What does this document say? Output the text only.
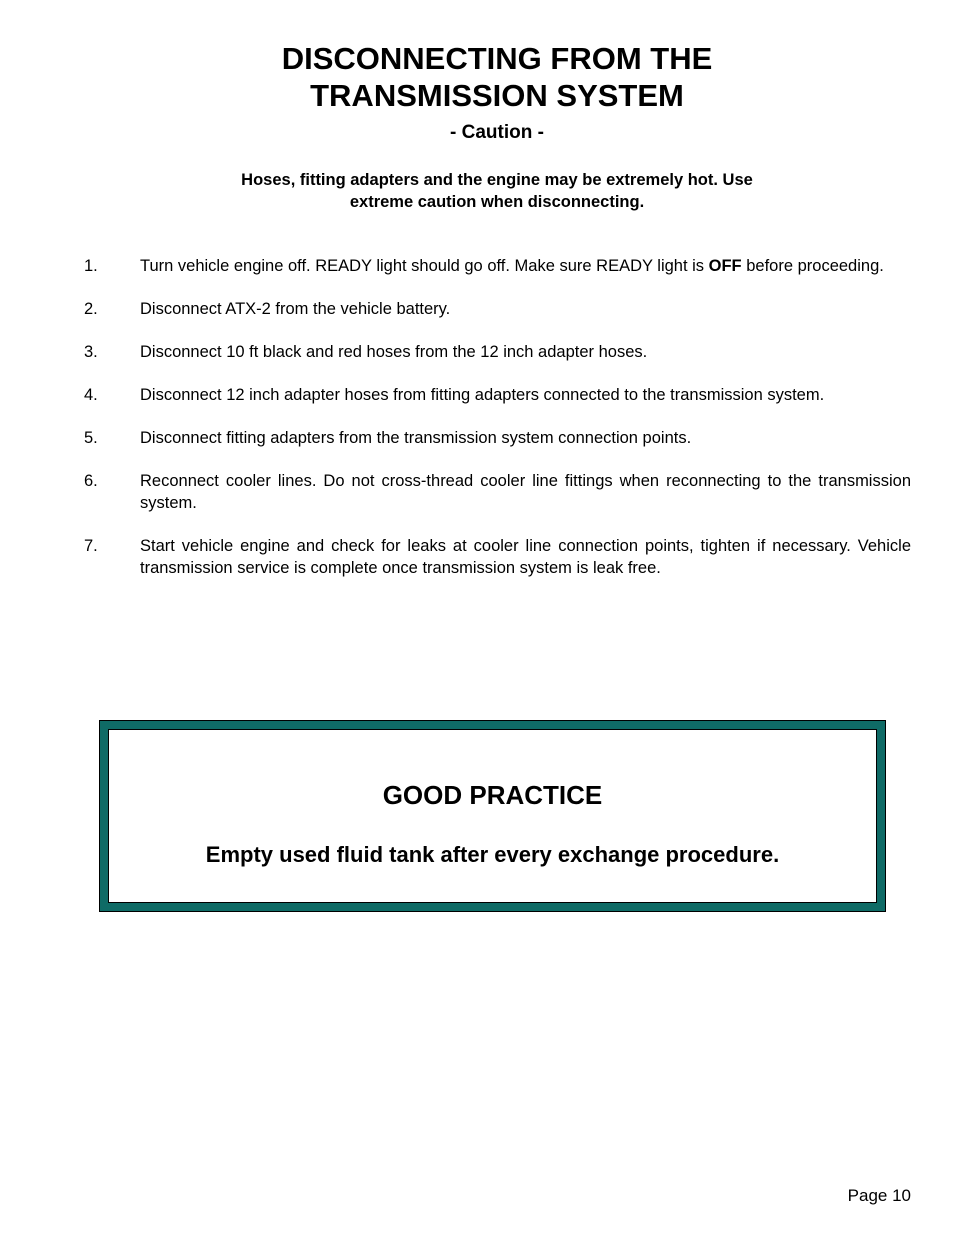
DISCONNECTING FROM THE
TRANSMISSION SYSTEM
- Caution -
Hoses, fitting adapters and the engine may be extremely hot. Use
extreme caution when disconnecting.
1.	Turn vehicle engine off. READY light should go off. Make sure READY light is OFF before proceeding.
2.	Disconnect ATX-2 from the vehicle battery.
3.	Disconnect 10 ft black and red hoses from the 12 inch adapter hoses.
4.	Disconnect 12 inch adapter hoses from fitting adapters connected to the transmission system.
5.	Disconnect fitting adapters from the transmission system connection points.
6.	Reconnect cooler lines. Do not cross-thread cooler line fittings when reconnecting to the transmission system.
7.	Start vehicle engine and check for leaks at cooler line connection points, tighten if necessary. Vehicle transmission service is complete once transmission system is leak free.
GOOD PRACTICE
Empty used fluid tank after every exchange procedure.
Page 10
